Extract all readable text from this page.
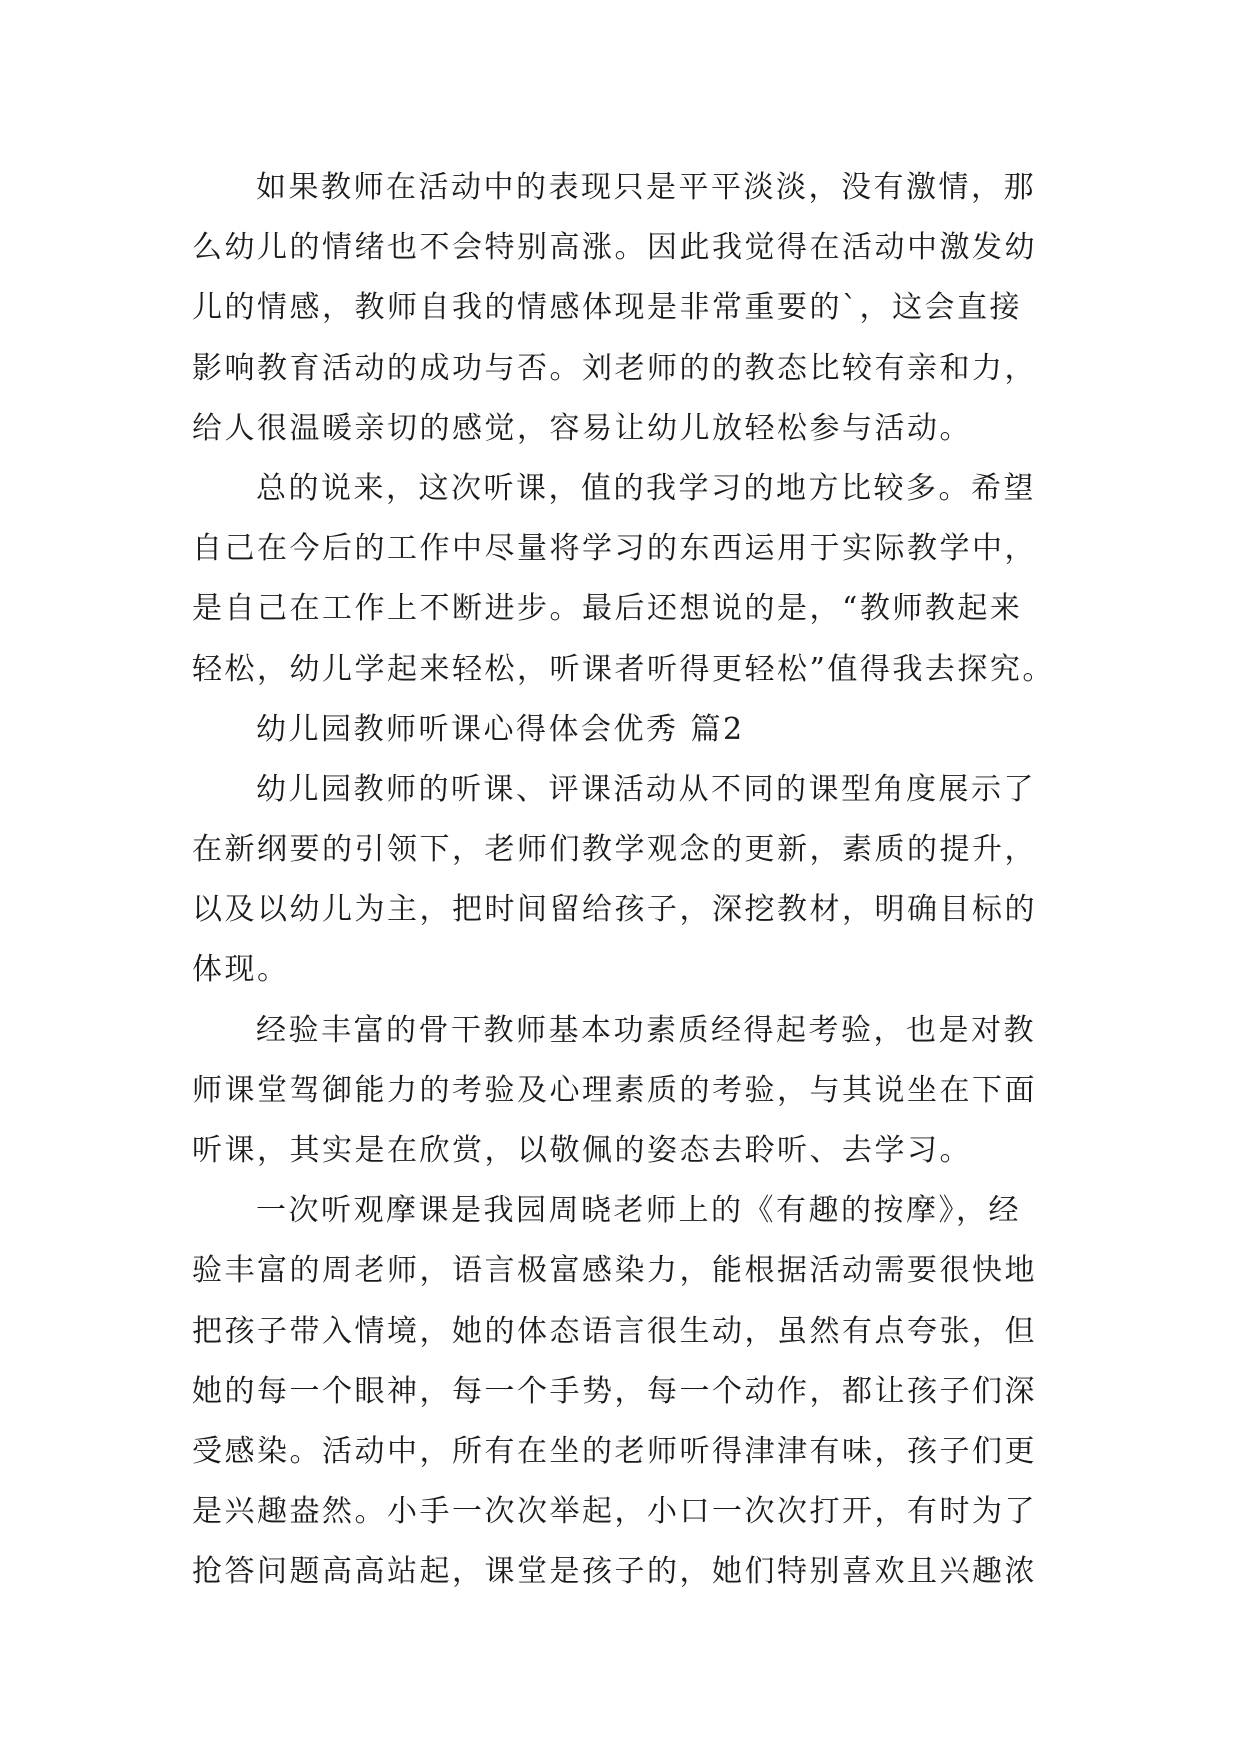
如果教师在活动中的表现只是平平淡淡，没有激情，那
么幼儿的情绪也不会特别高涨。因此我觉得在活动中激发幼
儿的情感，教师自我的情感体现是非常重要的`，这会直接
影响教育活动的成功与否。刘老师的的教态比较有亲和力，
给人很温暖亲切的感觉，容易让幼儿放轻松参与活动。
总的说来，这次听课，值的我学习的地方比较多。希望
自己在今后的工作中尽量将学习的东西运用于实际教学中，
是自己在工作上不断进步。最后还想说的是，“教师教起来
轻松，幼儿学起来轻松，听课者听得更轻松”值得我去探究。
幼儿园教师听课心得体会优秀 篇2
幼儿园教师的听课、评课活动从不同的课型角度展示了
在新纲要的引领下，老师们教学观念的更新，素质的提升，
以及以幼儿为主，把时间留给孩子，深挖教材，明确目标的
体现。
经验丰富的骨干教师基本功素质经得起考验，也是对教
师课堂驾御能力的考验及心理素质的考验，与其说坐在下面
听课，其实是在欣赏，以敬佩的姿态去聆听、去学习。
一次听观摩课是我园周晓老师上的《有趣的按摩》，经
验丰富的周老师，语言极富感染力，能根据活动需要很快地
把孩子带入情境，她的体态语言很生动，虽然有点夸张，但
她的每一个眼神，每一个手势，每一个动作，都让孩子们深
受感染。活动中，所有在坐的老师听得津津有味，孩子们更
是兴趣盎然。小手一次次举起，小口一次次打开，有时为了
抢答问题高高站起，课堂是孩子的，她们特别喜欢且兴趣浓
